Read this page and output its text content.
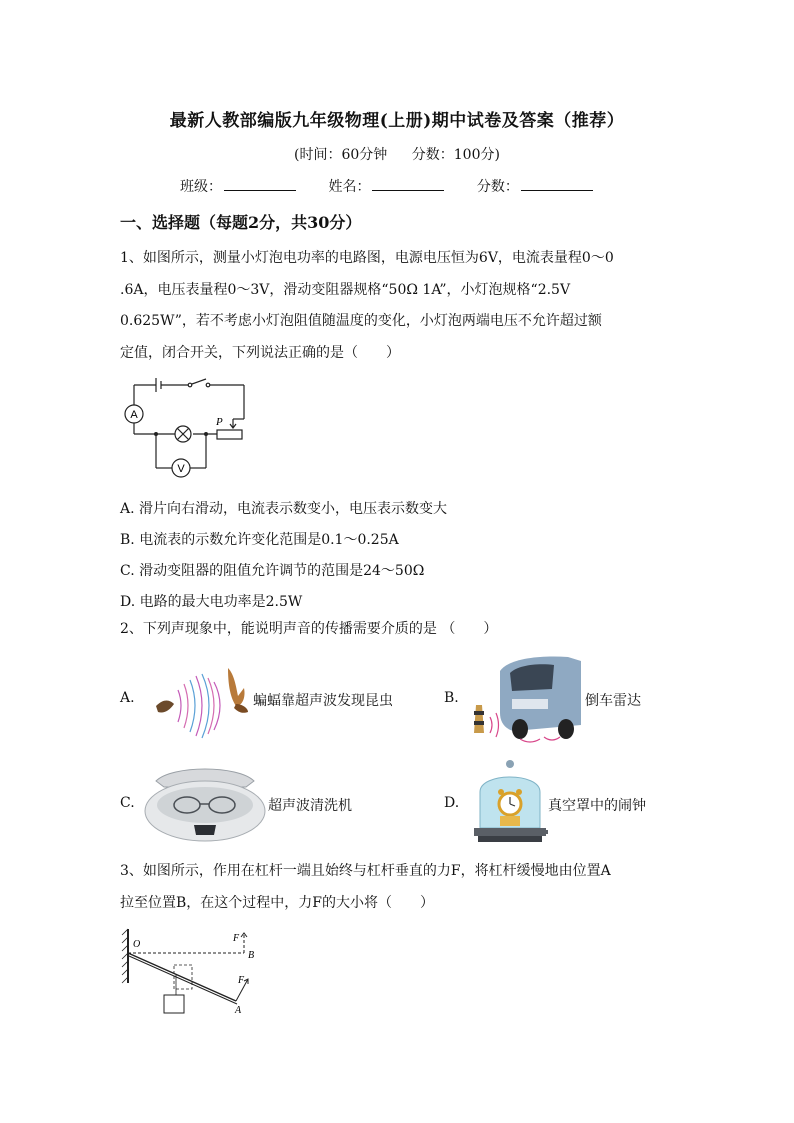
最新人教部编版九年级物理(上册)期中试卷及答案（推荐）
(时间：60分钟 分数：100分)
班级：	姓名：	分数：
一、选择题（每题2分，共30分）
1、如图所示，测量小灯泡电功率的电路图，电源电压恒为6V，电流表量程0～0
.6A，电压表量程0～3V，滑动变阻器规格“50Ω 1A”，小灯泡规格“2.5V
0.625W”，若不考虑小灯泡阻值随温度的变化，小灯泡两端电压不允许超过额
定值，闭合开关，下列说法正确的是（　　）
A
V
P
A. 滑片向右滑动，电流表示数变小，电压表示数变大
B. 电流表的示数允许变化范围是0.1～0.25A
C. 滑动变阻器的阻值允许调节的范围是24～50Ω
D. 电路的最大电功率是2.5W
2、下列声现象中，能说明声音的传播需要介质的是 （　　）
A.	蝙蝠靠超声波发现昆虫	B.	倒车雷达
C.	超声波清洗机	D.	真空罩中的闹钟
3、如图所示，作用在杠杆一端且始终与杠杆垂直的力F，将杠杆缓慢地由位置A
拉至位置B，在这个过程中，力F的大小将（　　）
O
B
A
F
F
